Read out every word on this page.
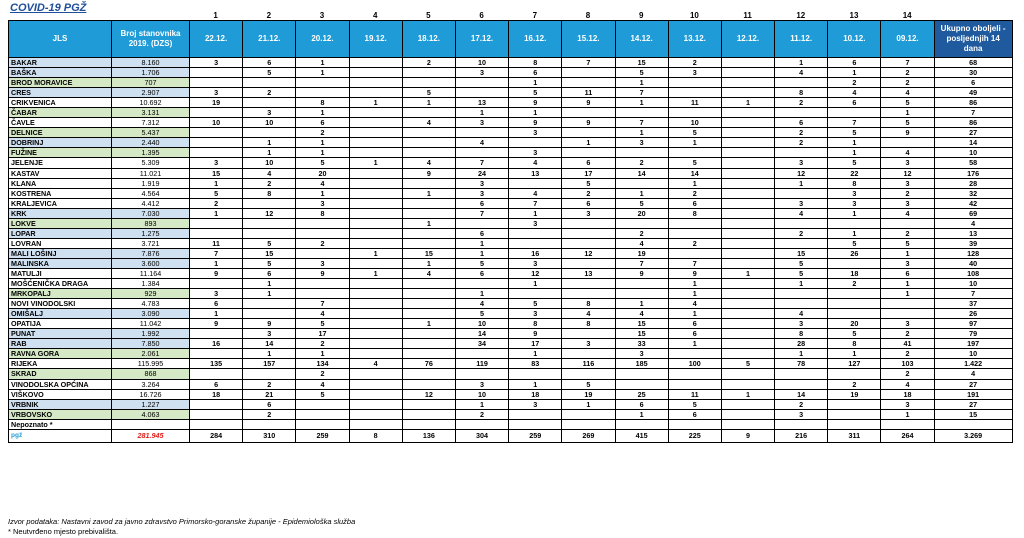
COVID-19 PGŽ
1	2	3	4	5	6	7	8	9	10	11	12	13	14
JLS	Broj stanovnika 2019. (DZS)	22.12.	21.12.	20.12.	19.12.	18.12.	17.12.	16.12.	15.12.	14.12.	13.12.	12.12.	11.12.	10.12.	09.12.	Ukupno oboljeli - posljednjih 14 dana
BAKAR	8.160	3	6	1		2	10	8	7	15	2		1	6	7	68
BAŠKA	1.706		5	1			3	6		5	3		4	1	2	30
BROD MORAVICE	707							1		1				2	2	6
CRES	2.907	3	2			5		5	11	7			8	4	4	49
CRIKVENICA	10.692	19		8	1	1	13	9	9	1	11	1	2	6	5	86
ČABAR	3.131		3	1			1	1							1	7
ČAVLE	7.312	10	10	6		4	3	9	9	7	10		6	7	5	86
DELNICE	5.437			2				3		1	5		2	5	9	27
DOBRINJ	2.440		1	1			4		1	3	1		2	1		14
FUŽINE	1.395		1	1				3						1	4	10
JELENJE	5.309	3	10	5	1	4	7	4	6	2	5		3	5	3	58
KASTAV	11.021	15	4	20		9	24	13	17	14	14		12	22	12	176
KLANA	1.919	1	2	4			3		5		1		1	8	3	28
KOSTRENA	4.564	5	8	1		1	3	4	2	1	2			3	2	32
KRALJEVICA	4.412	2		3			6	7	6	5	6		3	3	3	42
KRK	7.030	1	12	8			7	1	3	20	8		4	1	4	69
LOKVE	893					1		3								4
LOPAR	1.275						6			2			2	1	2	13
LOVRAN	3.721	11	5	2			1			4	2			5	5	39
MALI LOŠINJ	7.876	7	15		1	15	1	16	12	19			15	26	1	128
MALINSKA	3.600	1	5	3		1	5	3		7	7		5		3	40
MATULJI	11.164	9	6	9	1	4	6	12	13	9	9	1	5	18	6	108
MOŠĆENIČKA DRAGA	1.384		1					1			1		1	2	1	10
MRKOPALJ	929	3	1				1				1				1	7
NOVI VINODOLSKI	4.783	6		7			4	5	8	1	4					37
OMIŠALJ	3.090	1		4			5	3	4	4	1		4			26
OPATIJA	11.042	9	9	5		1	10	8	8	15	6		3	20	3	97
PUNAT	1.992		3	17			14	9		15	6		8	5	2	79
RAB	7.850	16	14	2			34	17	3	33	1		28	8	41	197
RAVNA GORA	2.061		1	1				1		3			1	1	2	10
RIJEKA	115.995	135	157	134	4	76	119	83	116	185	100	5	78	127	103	1.422
SKRAD	868			2											2	4
VINODOLSKA OPĆINA	3.264	6	2	4			3	1	5					2	4	27
VIŠKOVO	16.726	18	21	5		12	10	18	19	25	11	1	14	19	18	191
VRBNIK	1.227		6				1	3	1	6	5		2		3	27
VRBOVSKO	4.063		2				2			1	6		3		1	15
Nepoznato *																
pgž	281.945	284	310	259	8	136	304	259	269	415	225	9	216	311	264	3.269
Izvor podataka: Nastavni zavod za javno zdravstvo Primorsko-goranske županije - Epidemiološka služba
* Neutvrđeno mjesto prebivališta.
